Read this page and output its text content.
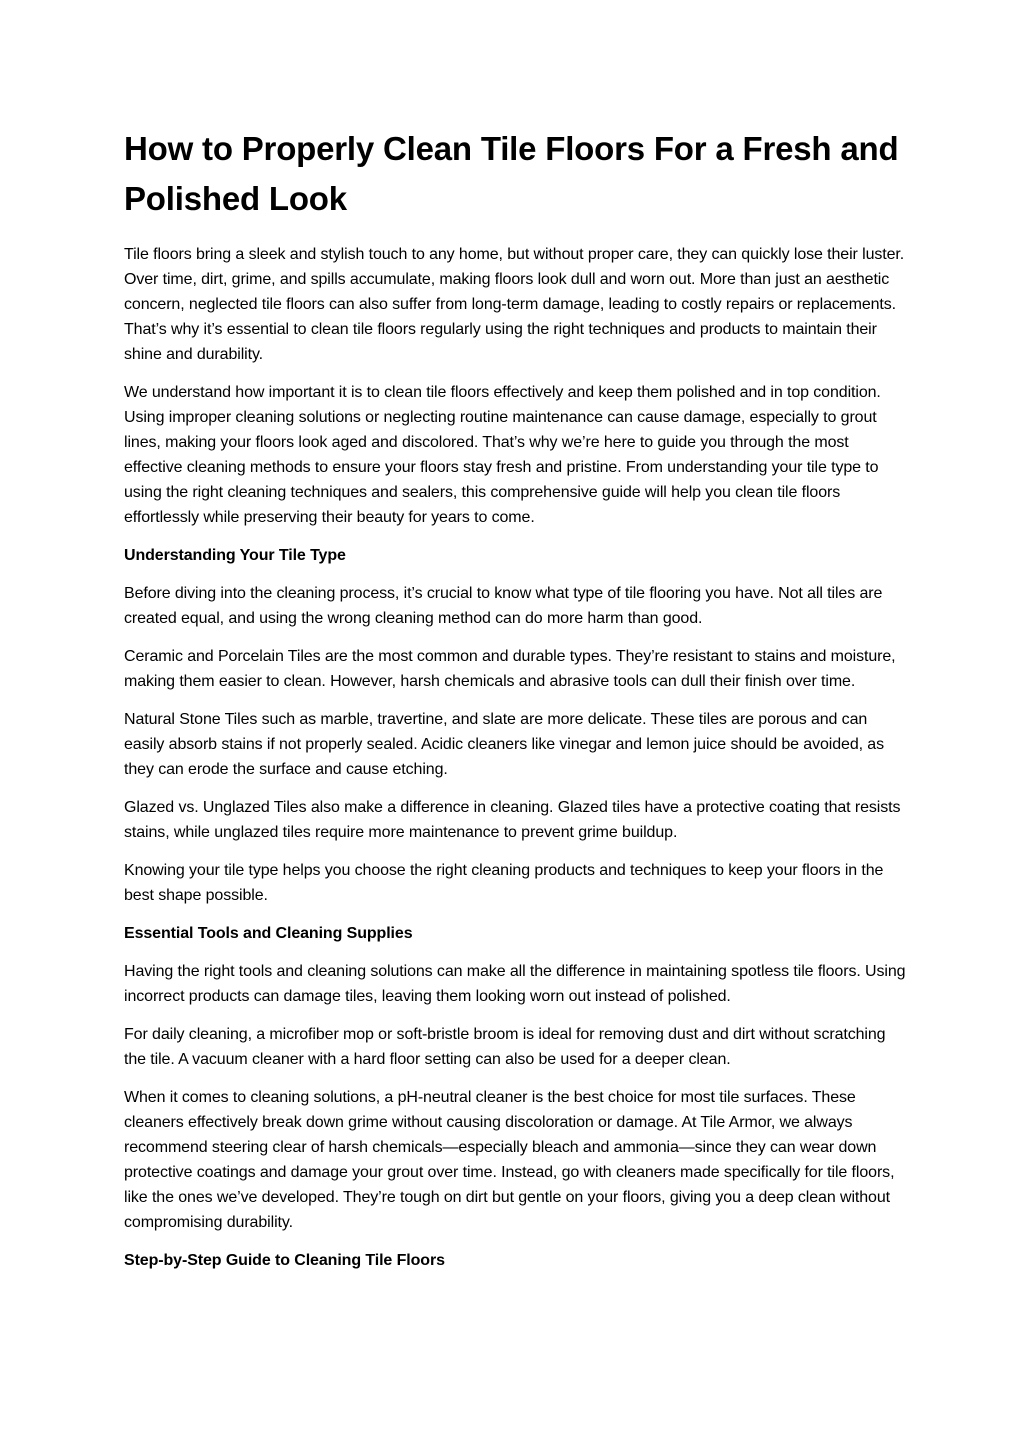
How to Properly Clean Tile Floors For a Fresh and Polished Look

Tile floors bring a sleek and stylish touch to any home, but without proper care, they can quickly lose their luster. Over time, dirt, grime, and spills accumulate, making floors look dull and worn out. More than just an aesthetic concern, neglected tile floors can also suffer from long-term damage, leading to costly repairs or replacements. That’s why it’s essential to clean tile floors regularly using the right techniques and products to maintain their shine and durability.

We understand how important it is to clean tile floors effectively and keep them polished and in top condition. Using improper cleaning solutions or neglecting routine maintenance can cause damage, especially to grout lines, making your floors look aged and discolored. That’s why we’re here to guide you through the most effective cleaning methods to ensure your floors stay fresh and pristine. From understanding your tile type to using the right cleaning techniques and sealers, this comprehensive guide will help you clean tile floors effortlessly while preserving their beauty for years to come.

Understanding Your Tile Type

Before diving into the cleaning process, it’s crucial to know what type of tile flooring you have. Not all tiles are created equal, and using the wrong cleaning method can do more harm than good.

Ceramic and Porcelain Tiles are the most common and durable types. They’re resistant to stains and moisture, making them easier to clean. However, harsh chemicals and abrasive tools can dull their finish over time.

Natural Stone Tiles such as marble, travertine, and slate are more delicate. These tiles are porous and can easily absorb stains if not properly sealed. Acidic cleaners like vinegar and lemon juice should be avoided, as they can erode the surface and cause etching.

Glazed vs. Unglazed Tiles also make a difference in cleaning. Glazed tiles have a protective coating that resists stains, while unglazed tiles require more maintenance to prevent grime buildup.

Knowing your tile type helps you choose the right cleaning products and techniques to keep your floors in the best shape possible.

Essential Tools and Cleaning Supplies

Having the right tools and cleaning solutions can make all the difference in maintaining spotless tile floors. Using incorrect products can damage tiles, leaving them looking worn out instead of polished.

For daily cleaning, a microfiber mop or soft-bristle broom is ideal for removing dust and dirt without scratching the tile. A vacuum cleaner with a hard floor setting can also be used for a deeper clean.

When it comes to cleaning solutions, a pH-neutral cleaner is the best choice for most tile surfaces. These cleaners effectively break down grime without causing discoloration or damage. At Tile Armor, we always recommend steering clear of harsh chemicals—especially bleach and ammonia—since they can wear down protective coatings and damage your grout over time. Instead, go with cleaners made specifically for tile floors, like the ones we’ve developed. They’re tough on dirt but gentle on your floors, giving you a deep clean without compromising durability.

Step-by-Step Guide to Cleaning Tile Floors
